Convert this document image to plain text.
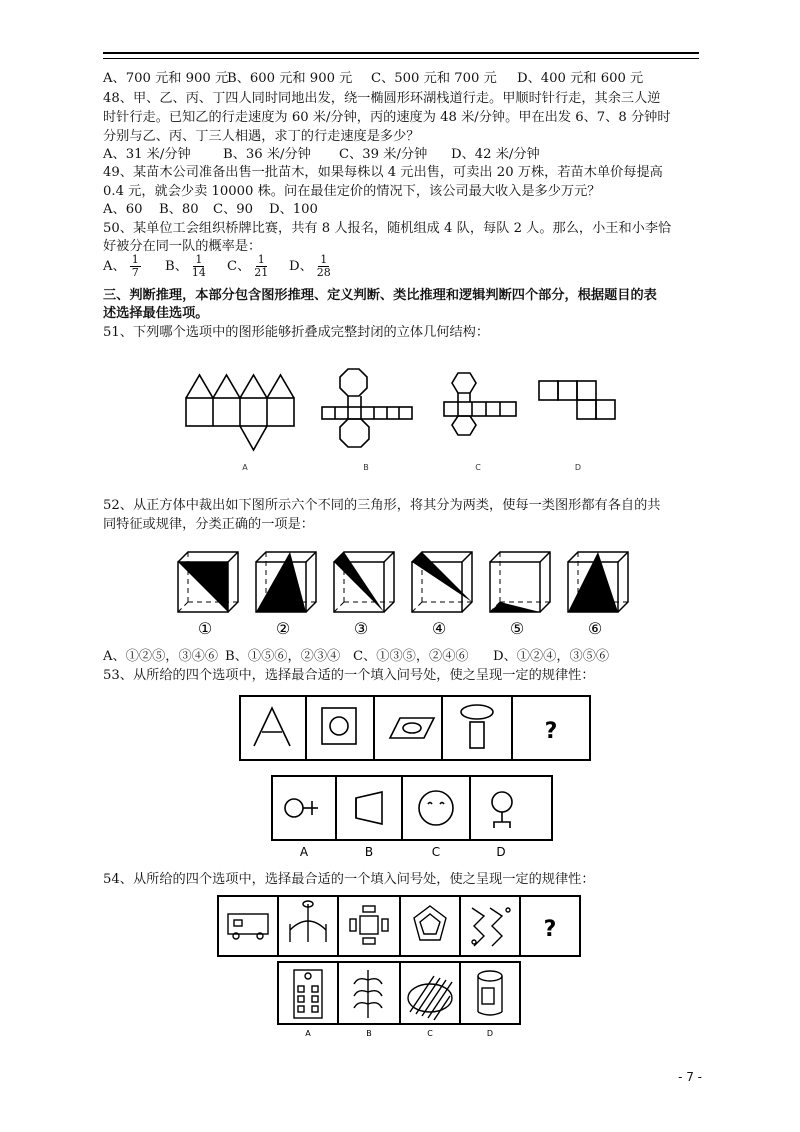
A、700 元和 900 元B、600 元和 900 元 C、500 元和 700 元 D、400 元和 600 元
48、甲、乙、丙、丁四人同时同地出发，绕一椭圆形环湖栈道行走。甲顺时针行走，其余三人逆
时针行走。已知乙的行走速度为 60 米/分钟，丙的速度为 48 米/分钟。甲在出发 6、7、8 分钟时
分别与乙、丙、丁三人相遇，求丁的行走速度是多少？
A、31 米/分钟 B、36 米/分钟 C、39 米/分钟 D、42 米/分钟
49、某苗木公司准备出售一批苗木，如果每株以 4 元出售，可卖出 20 万株，若苗木单价每提高
0.4 元，就会少卖 10000 株。问在最佳定价的情况下，该公司最大收入是多少万元？
A、60 B、80 C、90 D、100
50、某单位工会组织桥牌比赛，共有 8 人报名，随机组成 4 队，每队 2 人。那么，小王和小李恰
好被分在同一队的概率是：
A、 $\frac{1}{7}$ B、 $\frac{1}{14}$ C、 $\frac{1}{21}$ D、 $\frac{1}{28}$
三、判断推理，本部分包含图形推理、定义判断、类比推理和逻辑判断四个部分，根据题目的表
述选择最佳选项。
51、下列哪个选项中的图形能够折叠成完整封闭的立体几何结构：
A	B	C	D
52、从正方体中裁出如下图所示六个不同的三角形，将其分为两类，使每一类图形都有各自的共
同特征或规律，分类正确的一项是：
①	②	③	④	⑤	⑥
A、①②⑤，③④⑥ B、①⑤⑥，②③④ C、①③⑤，②④⑥ D、①②④，③⑤⑥
53、从所给的四个选项中，选择最合适的一个填入问号处，使之呈现一定的规律性：
?
A	B	C	D
54、从所给的四个选项中，选择最合适的一个填入问号处，使之呈现一定的规律性：
?
A	B	C	D
- 7 -
